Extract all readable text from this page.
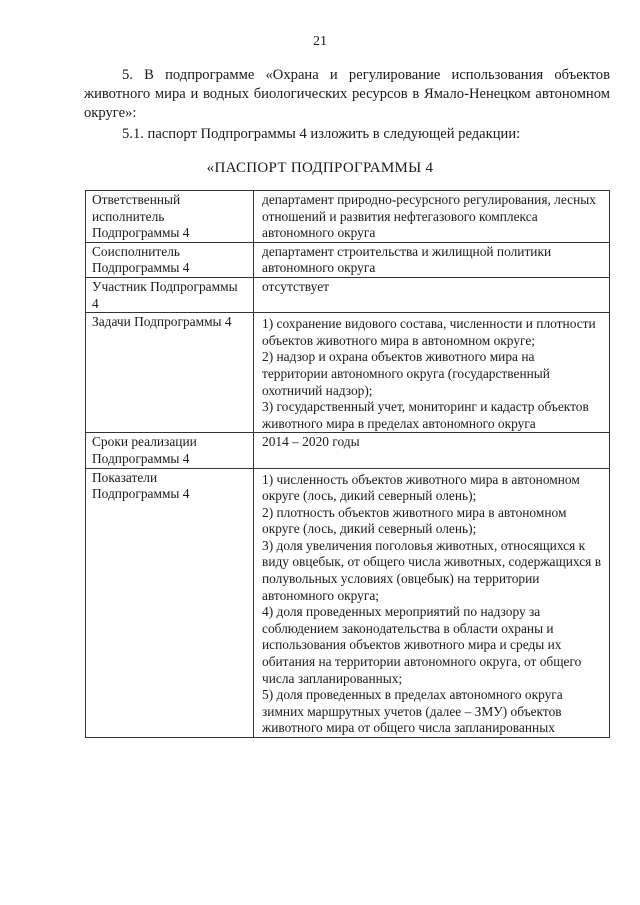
21

5. В подпрограмме «Охрана и регулирование использования объектов животного мира и водных биологических ресурсов в Ямало-Ненецком автономном округе»:

5.1. паспорт Подпрограммы 4 изложить в следующей редакции:

«ПАСПОРТ ПОДПРОГРАММЫ 4
Ответственный исполнитель Подпрограммы 4	департамент природно-ресурсного регулирования, лесных отношений и развития нефтегазового комплекса автономного округа
Соисполнитель Подпрограммы 4	департамент строительства и жилищной политики автономного округа
Участник Подпрограммы 4	отсутствует
Задачи Подпрограммы 4	1) сохранение видового состава, численности и плотности объектов животного мира в автономном округе;

2) надзор и охрана объектов животного мира на территории автономного округа (государственный охотничий надзор);

3) государственный учет, мониторинг и кадастр объектов животного мира в пределах автономного округа

Сроки реализации Подпрограммы 4	2014 – 2020 годы
Показатели Подпрограммы 4	1) численность объектов животного мира в автономном округе (лось, дикий северный олень);

2) плотность объектов животного мира в автономном округе (лось, дикий северный олень);

3) доля увеличения поголовья животных, относящихся к виду овцебык, от общего числа животных, содержащихся в полувольных условиях (овцебык) на территории автономного округа;

4) доля проведенных мероприятий по надзору за соблюдением законодательства в области охраны и использования объектов животного мира и среды их обитания на территории автономного округа, от общего числа запланированных;

5) доля проведенных в пределах автономного округа зимних маршрутных учетов (далее – ЗМУ) объектов животного мира от общего числа запланированных
